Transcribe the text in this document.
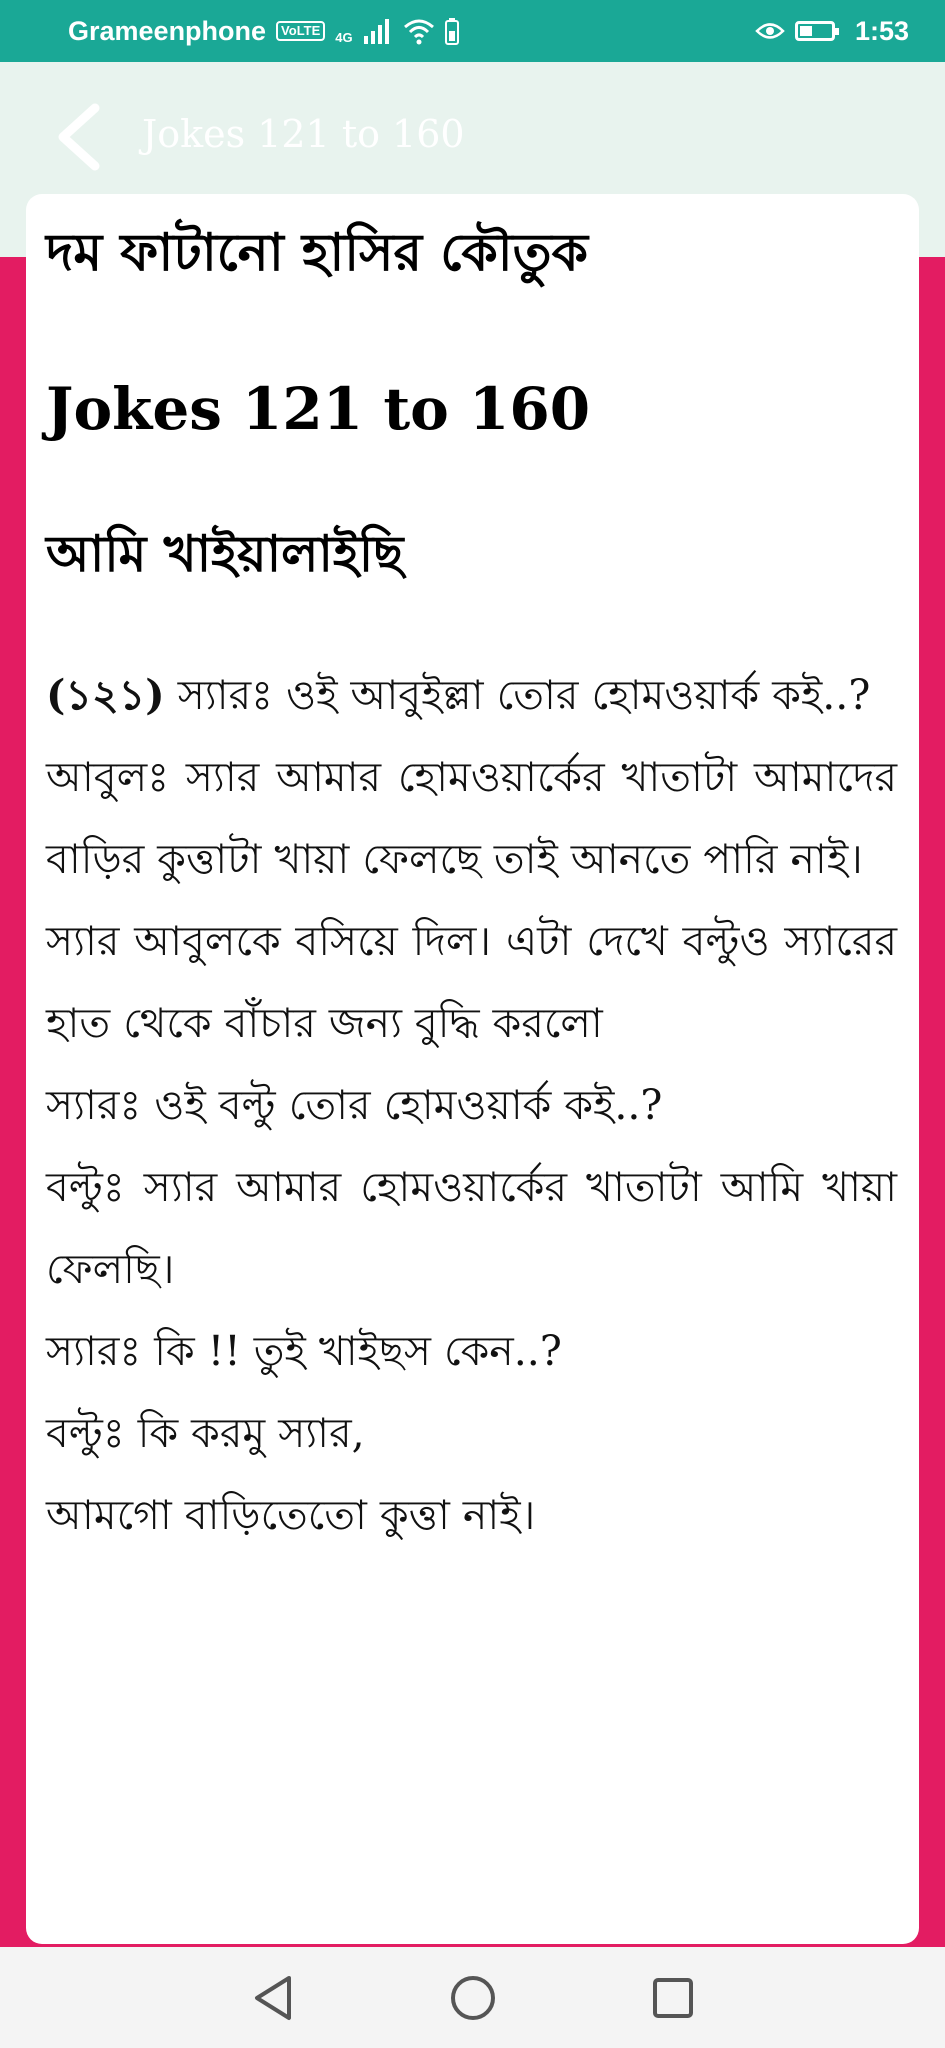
Grameenphone	VoLTE	4G	1:53
Jokes 121 to 160
দম ফাটানো হাসির কৌতুক
Jokes 121 to 160
আমি খাইয়ালাইছি

(১২১) স্যারঃ ওই আবুইল্লা তোর হোমওয়ার্ক কই..?

আবুলঃ স্যার আমার হোমওয়ার্কের খাতাটা আমাদের বাড়ির কুত্তাটা খায়া ফেলছে তাই আনতে পারি নাই।

স্যার আবুলকে বসিয়ে দিল। এটা দেখে বল্টুও স্যারের হাত থেকে বাঁচার জন্য বুদ্ধি করলো

স্যারঃ ওই বল্টু তোর হোমওয়ার্ক কই..?

বল্টুঃ স্যার আমার হোমওয়ার্কের খাতাটা আমি খায়া ফেলছি।

স্যারঃ কি !! তুই খাইছস কেন..?

বল্টুঃ কি করমু স্যার,

আমগো বাড়িতেতো কুত্তা নাই।
